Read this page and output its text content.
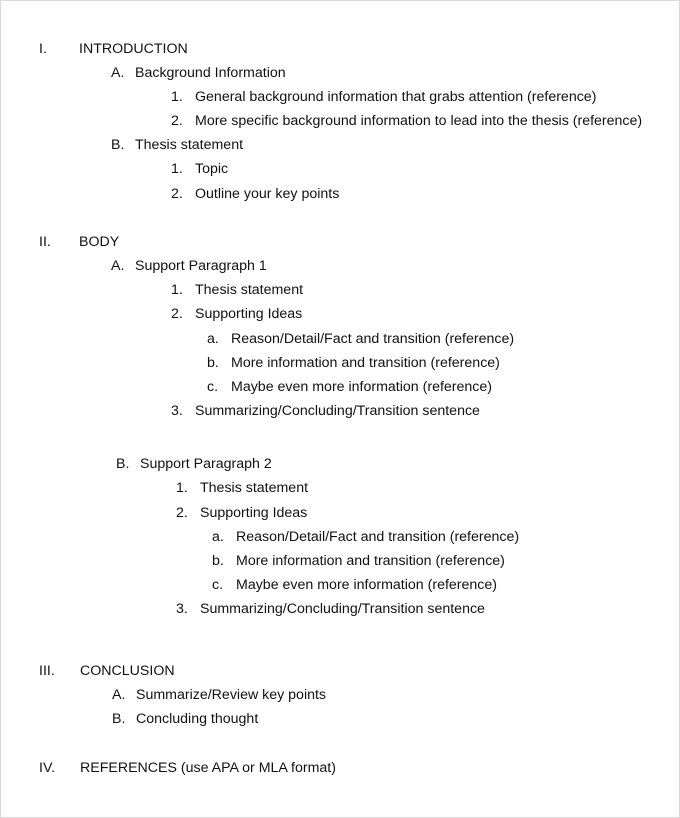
I. INTRODUCTION
A. Background Information
1. General background information that grabs attention (reference)
2. More specific background information to lead into the thesis (reference)
B. Thesis statement
1. Topic
2. Outline your key points
II. BODY
A. Support Paragraph 1
1. Thesis statement
2. Supporting Ideas
a. Reason/Detail/Fact and transition (reference)
b. More information and transition (reference)
c. Maybe even more information (reference)
3. Summarizing/Concluding/Transition sentence
B. Support Paragraph 2
1. Thesis statement
2. Supporting Ideas
a. Reason/Detail/Fact and transition (reference)
b. More information and transition (reference)
c. Maybe even more information (reference)
3. Summarizing/Concluding/Transition sentence
III. CONCLUSION
A. Summarize/Review key points
B. Concluding thought
IV. REFERENCES (use APA or MLA format)
